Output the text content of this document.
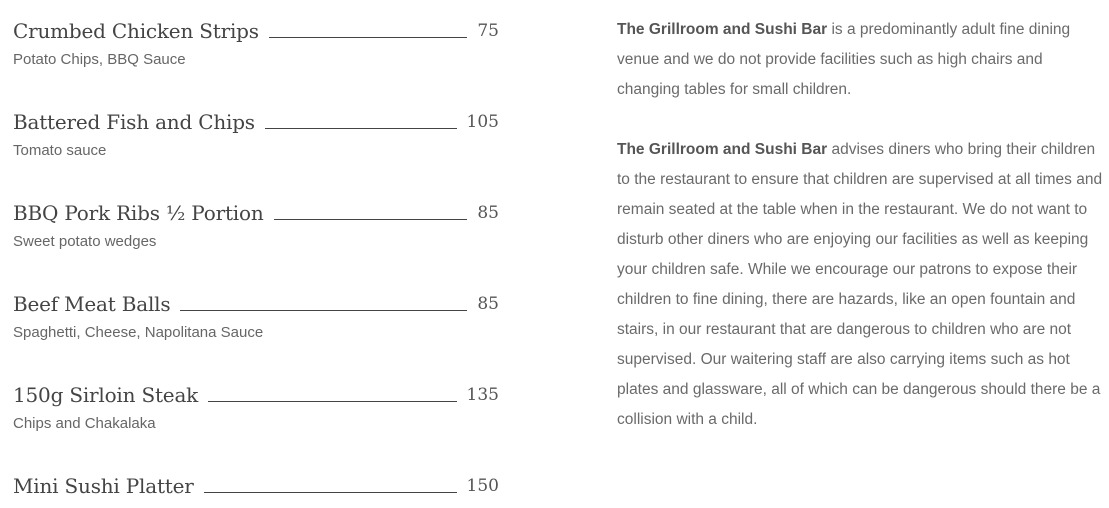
Crumbed Chicken Strips	75
Potato Chips, BBQ Sauce
Battered Fish and Chips	105
Tomato sauce
BBQ Pork Ribs ½ Portion	85
Sweet potato wedges
Beef Meat Balls	85
Spaghetti, Cheese, Napolitana Sauce
150g Sirloin Steak	135
Chips and Chakalaka
Mini Sushi Platter	150

The Grillroom and Sushi Bar is a predominantly adult fine dining venue and we do not provide facilities such as high chairs and changing tables for small children.

The Grillroom and Sushi Bar advises diners who bring their children to the restaurant to ensure that children are supervised at all times and remain seated at the table when in the restaurant. We do not want to disturb other diners who are enjoying our facilities as well as keeping your children safe. While we encourage our patrons to expose their children to fine dining, there are hazards, like an open fountain and stairs, in our restaurant that are dangerous to children who are not supervised. Our waitering staff are also carrying items such as hot plates and glassware, all of which can be dangerous should there be a collision with a child.
